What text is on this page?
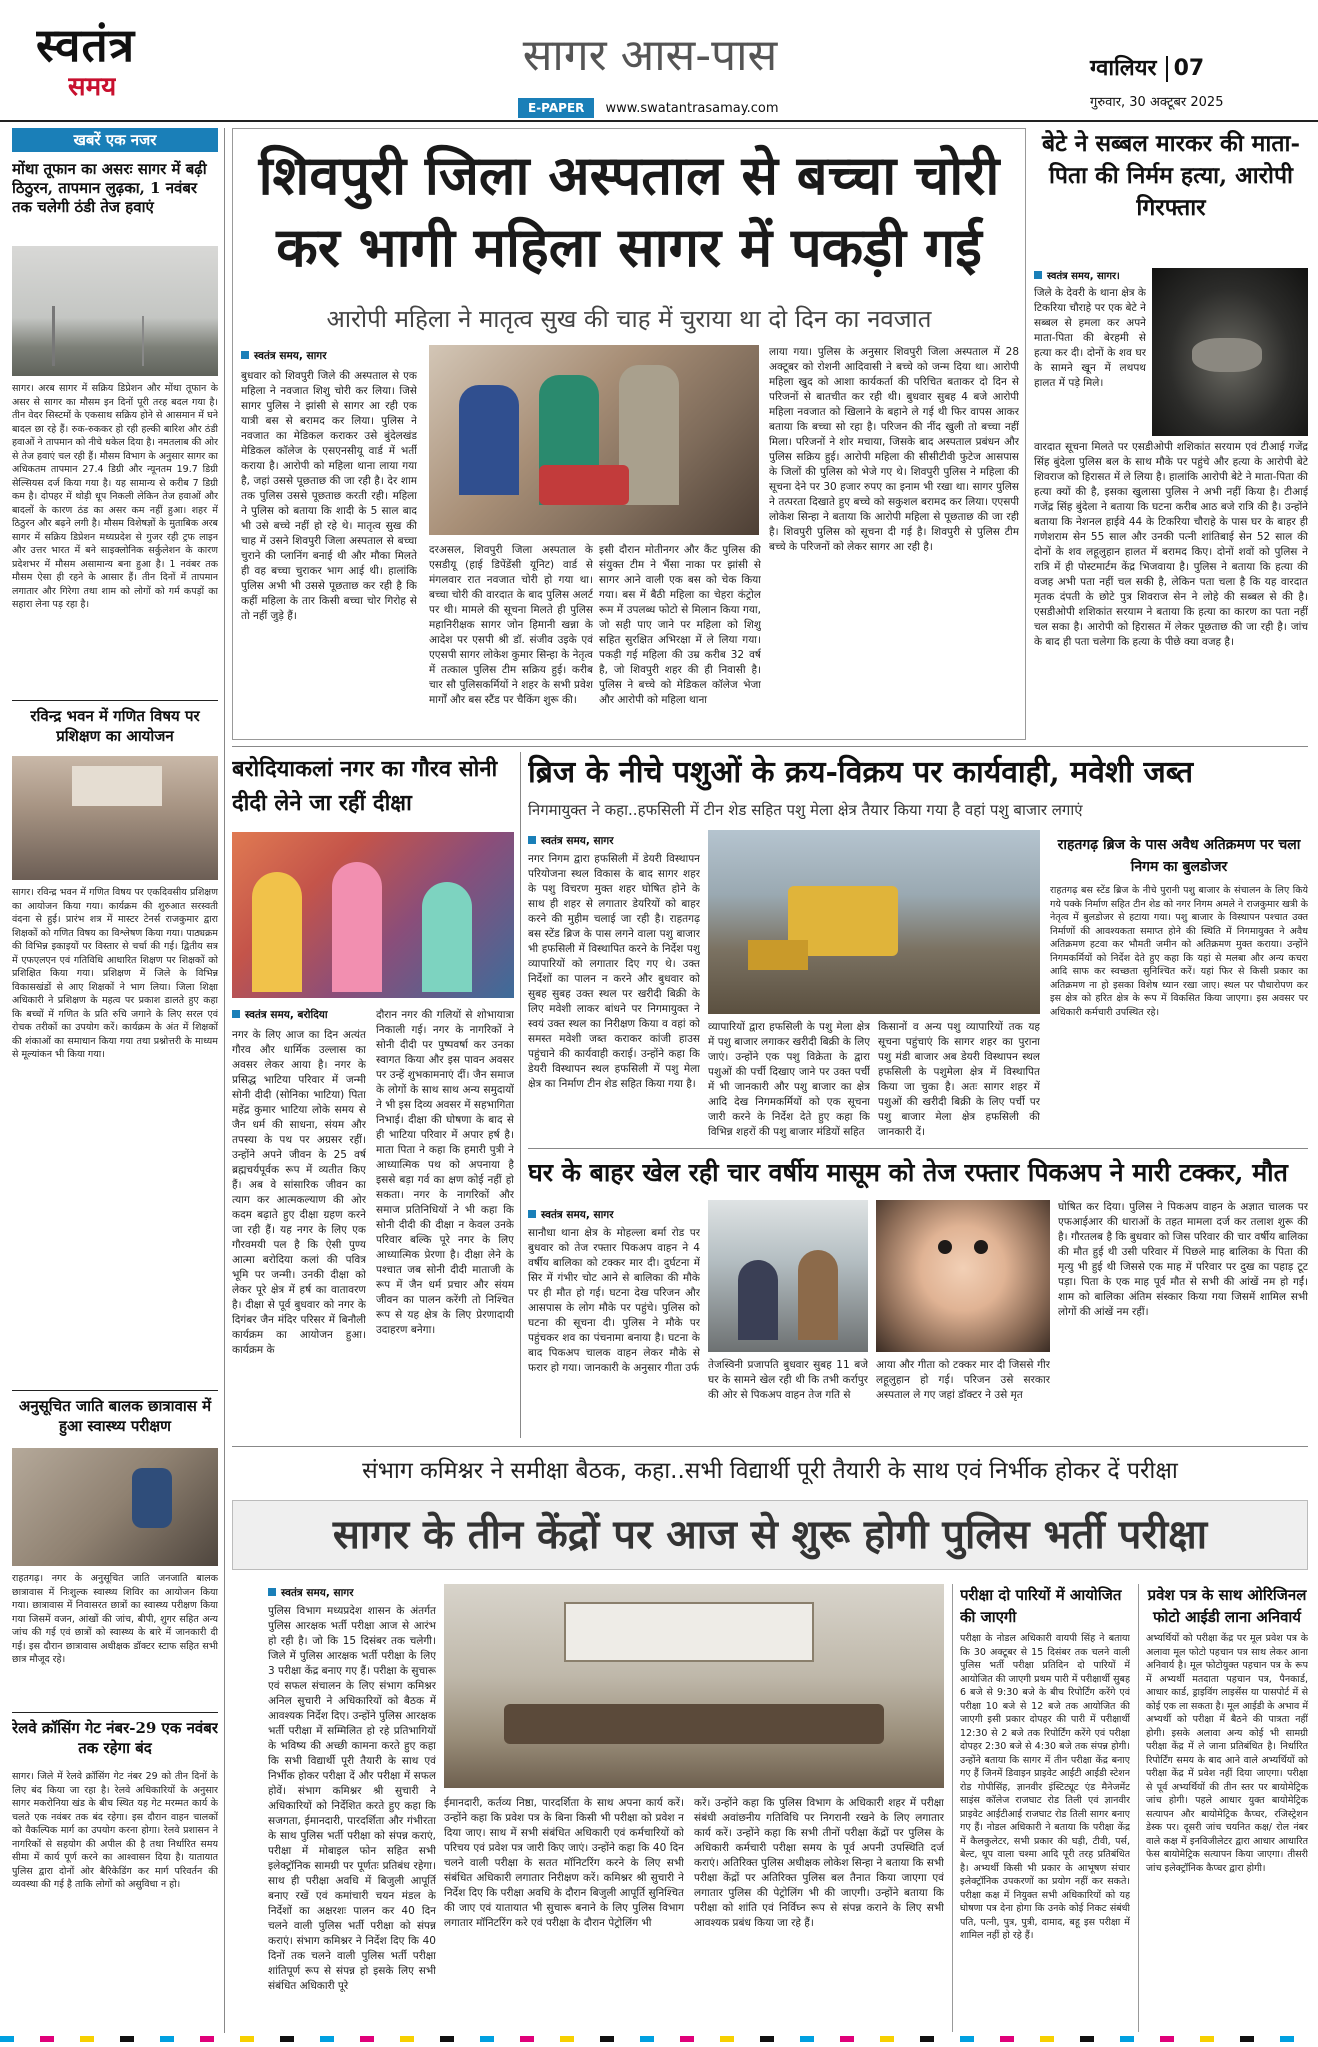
स्वतंत्र
समय
सागर आस-पास
E-PAPER www.swatantrasamay.com
ग्वालियर 07
गुरुवार, 30 अक्टूबर 2025
खबरें एक नजर
मोंथा तूफान का असरः सागर में बढ़ी ठिठुरन, तापमान लुढ़का, 1 नवंबर तक चलेगी ठंडी तेज हवाएं
सागर। अरब सागर में सक्रिय डिप्रेशन और मोंथा तूफान के असर से सागर का मौसम इन दिनों पूरी तरह बदल गया है। तीन वेदर सिस्टमों के एकसाथ सक्रिय होने से आसमान में घने बादल छा रहे हैं। रुक-रुककर हो रही हल्की बारिश और ठंडी हवाओं ने तापमान को नीचे धकेल दिया है। नमतलाब की ओर से तेज हवाएं चल रही हैं। मौसम विभाग के अनुसार सागर का अधिकतम तापमान 27.4 डिग्री और न्यूनतम 19.7 डिग्री सेल्सियस दर्ज किया गया है। यह सामान्य से करीब 7 डिग्री कम है। दोपहर में थोड़ी धूप निकली लेकिन तेज हवाओं और बादलों के कारण ठंड का असर कम नहीं हुआ। शहर में ठिठुरन और बढ़ने लगी है। मौसम विशेषज्ञों के मुताबिक अरब सागर में सक्रिय डिप्रेशन मध्यप्रदेश से गुजर रही ट्रफ लाइन और उत्तर भारत में बने साइक्लोनिक सर्कुलेशन के कारण प्रदेशभर में मौसम असामान्य बना हुआ है। 1 नवंबर तक मौसम ऐसा ही रहने के आसार हैं। तीन दिनों में तापमान लगातार और गिरेगा तथा शाम को लोगों को गर्म कपड़ों का सहारा लेना पड़ रहा है।
रविन्द्र भवन में गणित विषय पर प्रशिक्षण का आयोजन
सागर। रविन्द्र भवन में गणित विषय पर एकदिवसीय प्रशिक्षण का आयोजन किया गया। कार्यक्रम की शुरुआत सरस्वती वंदना से हुई। प्रारंभ शत्र में मास्टर टेनर्स राजकुमार द्वारा शिक्षकों को गणित विषय का विश्लेषण किया गया। पाठ्यक्रम की विभिन्न इकाइयों पर विस्तार से चर्चा की गई। द्वितीय सत्र में एफएलएन एवं गतिविधि आधारित शिक्षण पर शिक्षकों को प्रशिक्षित किया गया। प्रशिक्षण में जिले के विभिन्न विकासखंडों से आए शिक्षकों ने भाग लिया। जिला शिक्षा अधिकारी ने प्रशिक्षण के महत्व पर प्रकाश डालते हुए कहा कि बच्चों में गणित के प्रति रुचि जगाने के लिए सरल एवं रोचक तरीकों का उपयोग करें। कार्यक्रम के अंत में शिक्षकों की शंकाओं का समाधान किया गया तथा प्रश्नोत्तरी के माध्यम से मूल्यांकन भी किया गया।
अनुसूचित जाति बालक छात्रावास में हुआ स्वास्थ्य परीक्षण
राहतगढ़। नगर के अनुसूचित जाति जनजाति बालक छात्रावास में निःशुल्क स्वास्थ्य शिविर का आयोजन किया गया। छात्रावास में निवासरत छात्रों का स्वास्थ्य परीक्षण किया गया जिसमें वजन, आंखों की जांच, बीपी, शुगर सहित अन्य जांच की गई एवं छात्रों को स्वास्थ्य के बारे में जानकारी दी गई। इस दौरान छात्रावास अधीक्षक डॉक्टर स्टाफ सहित सभी छात्र मौजूद रहे।
रेलवे क्रॉसिंग गेट नंबर-29 एक नवंबर तक रहेगा बंद
सागर। जिले में रेलवे क्रॉसिंग गेट नंबर 29 को तीन दिनों के लिए बंद किया जा रहा है। रेलवे अधिकारियों के अनुसार सागर मकरोनिया खंड के बीच स्थित यह गेट मरम्मत कार्य के चलते एक नवंबर तक बंद रहेगा। इस दौरान वाहन चालकों को वैकल्पिक मार्ग का उपयोग करना होगा। रेलवे प्रशासन ने नागरिकों से सहयोग की अपील की है तथा निर्धारित समय सीमा में कार्य पूर्ण करने का आश्वासन दिया है। यातायात पुलिस द्वारा दोनों ओर बैरिकेडिंग कर मार्ग परिवर्तन की व्यवस्था की गई है ताकि लोगों को असुविधा न हो।
शिवपुरी जिला अस्पताल से बच्चा चोरी कर भागी महिला सागर में पकड़ी गई
आरोपी महिला ने मातृत्व सुख की चाह में चुराया था दो दिन का नवजात
स्वतंत्र समय, सागर
बुधवार को शिवपुरी जिले की अस्पताल से एक महिला ने नवजात शिशु चोरी कर लिया। जिसे सागर पुलिस ने झांसी से सागर आ रही एक यात्री बस से बरामद कर लिया। पुलिस ने नवजात का मेडिकल कराकर उसे बुंदेलखंड मेडिकल कॉलेज के एसएनसीयू वार्ड में भर्ती कराया है। आरोपी को महिला थाना लाया गया है, जहां उससे पूछताछ की जा रही है। देर शाम तक पुलिस उससे पूछताछ करती रही। महिला ने पुलिस को बताया कि शादी के 5 साल बाद भी उसे बच्चे नहीं हो रहे थे। मातृत्व सुख की चाह में उसने शिवपुरी जिला अस्पताल से बच्चा चुराने की प्लानिंग बनाई थी और मौका मिलते ही वह बच्चा चुराकर भाग आई थी। हालांकि पुलिस अभी भी उससे पूछताछ कर रही है कि कहीं महिला के तार किसी बच्चा चोर गिरोह से तो नहीं जुड़े हैं।
दरअसल, शिवपुरी जिला अस्पताल के एसडीयू (हाई डिपेंडेंसी यूनिट) वार्ड से मंगलवार रात नवजात चोरी हो गया था। बच्चा चोरी की वारदात के बाद पुलिस अलर्ट पर थी। मामले की सूचना मिलते ही पुलिस महानिरीक्षक सागर जोन हिमानी खन्ना के आदेश पर एसपी श्री डॉ. संजीव उइके एवं एएसपी सागर लोकेश कुमार सिन्हा के नेतृत्व में तत्काल पुलिस टीम सक्रिय हुई। करीब चार सौ पुलिसकर्मियों ने शहर के सभी प्रवेश मार्गों और बस स्टैंड पर चैकिंग शुरू की।
इसी दौरान मोतीनगर और कैंट पुलिस की संयुक्त टीम ने भैंसा नाका पर झांसी से सागर आने वाली एक बस को चेक किया गया। बस में बैठी महिला का चेहरा कंट्रोल रूम में उपलब्ध फोटो से मिलान किया गया, जो सही पाए जाने पर महिला को शिशु सहित सुरक्षित अभिरक्षा में ले लिया गया। पकड़ी गई महिला की उम्र करीब 32 वर्ष है, जो शिवपुरी शहर की ही निवासी है। पुलिस ने बच्चे को मेडिकल कॉलेज भेजा और आरोपी को महिला थाना
लाया गया। पुलिस के अनुसार शिवपुरी जिला अस्पताल में 28 अक्टूबर को रोशनी आदिवासी ने बच्चे को जन्म दिया था। आरोपी महिला खुद को आशा कार्यकर्ता की परिचित बताकर दो दिन से परिजनों से बातचीत कर रही थी। बुधवार सुबह 4 बजे आरोपी महिला नवजात को खिलाने के बहाने ले गई थी फिर वापस आकर बताया कि बच्चा सो रहा है। परिजन की नींद खुली तो बच्चा नहीं मिला। परिजनों ने शोर मचाया, जिसके बाद अस्पताल प्रबंधन और पुलिस सक्रिय हुई। आरोपी महिला की सीसीटीवी फुटेज आसपास के जिलों की पुलिस को भेजे गए थे। शिवपुरी पुलिस ने महिला की सूचना देने पर 30 हजार रुपए का इनाम भी रखा था। सागर पुलिस ने तत्परता दिखाते हुए बच्चे को सकुशल बरामद कर लिया। एएसपी लोकेश सिन्हा ने बताया कि आरोपी महिला से पूछताछ की जा रही है। शिवपुरी पुलिस को सूचना दी गई है। शिवपुरी से पुलिस टीम बच्चे के परिजनों को लेकर सागर आ रही है।
बेटे ने सब्बल मारकर की माता-पिता की निर्मम हत्या, आरोपी गिरफ्तार
स्वतंत्र समय, सागर।
जिले के देवरी के थाना क्षेत्र के टिकरिया चौराहे पर एक बेटे ने सब्बल से हमला कर अपने माता-पिता की बेरहमी से हत्या कर दी। दोनों के शव घर के सामने खून में लथपथ हालत में पड़े मिले।
वारदात सूचना मिलते पर एसडीओपी शशिकांत सरयाम एवं टीआई गजेंद्र सिंह बुंदेला पुलिस बल के साथ मौके पर पहुंचे और हत्या के आरोपी बेटे शिवराज को हिरासत में ले लिया है। हालांकि आरोपी बेटे ने माता-पिता की हत्या क्यों की है, इसका खुलासा पुलिस ने अभी नहीं किया है। टीआई गजेंद्र सिंह बुंदेला ने बताया कि घटना करीब आठ बजे रात्रि की है। उन्होंने बताया कि नेशनल हाईवे 44 के टिकरिया चौराहे के पास घर के बाहर ही गणेशराम सेन 55 साल और उनकी पत्नी शांतिबाई सेन 52 साल की दोनों के शव लहूलुहान हालत में बरामद किए। दोनों शवों को पुलिस ने रात्रि में ही पोस्टमार्टम केंद्र भिजवाया है। पुलिस ने बताया कि हत्या की वजह अभी पता नहीं चल सकी है, लेकिन पता चला है कि यह वारदात मृतक दंपती के छोटे पुत्र शिवराज सेन ने लोहे की सब्बल से की है। एसडीओपी शशिकांत सरयाम ने बताया कि हत्या का कारण का पता नहीं चल सका है। आरोपी को हिरासत में लेकर पूछताछ की जा रही है। जांच के बाद ही पता चलेगा कि हत्या के पीछे क्या वजह है।
बरोदियाकलां नगर का गौरव सोनी दीदी लेने जा रहीं दीक्षा
स्वतंत्र समय, बरोदिया
नगर के लिए आज का दिन अत्यंत गौरव और धार्मिक उल्लास का अवसर लेकर आया है। नगर के प्रसिद्ध भाटिया परिवार में जन्मी सोनी दीदी (सोनिका भाटिया) पिता महेंद्र कुमार भाटिया लोके समय से जैन धर्म की साधना, संयम और तपस्या के पथ पर अग्रसर रहीं। उन्होंने अपने जीवन के 25 वर्ष ब्रह्मचर्यपूर्वक रूप में व्यतीत किए हैं। अब वे सांसारिक जीवन का त्याग कर आत्मकल्याण की ओर कदम बढ़ाते हुए दीक्षा ग्रहण करने जा रही हैं। यह नगर के लिए एक गौरवमयी पल है कि ऐसी पुण्य आत्मा बरोदिया कलां की पवित्र भूमि पर जन्मी। उनकी दीक्षा को लेकर पूरे क्षेत्र में हर्ष का वातावरण है। दीक्षा से पूर्व बुधवार को नगर के दिगंबर जैन मंदिर परिसर में बिनौली कार्यक्रम का आयोजन हुआ। कार्यक्रम के
दौरान नगर की गलियों से शोभायात्रा निकाली गई। नगर के नागरिकों ने सोनी दीदी पर पुष्पवर्षा कर उनका स्वागत किया और इस पावन अवसर पर उन्हें शुभकामनाएं दीं। जैन समाज के लोगों के साथ साथ अन्य समुदायों ने भी इस दिव्य अवसर में सहभागिता निभाई। दीक्षा की घोषणा के बाद से ही भाटिया परिवार में अपार हर्ष है। माता पिता ने कहा कि हमारी पुत्री ने आध्यात्मिक पथ को अपनाया है इससे बड़ा गर्व का क्षण कोई नहीं हो सकता। नगर के नागरिकों और समाज प्रतिनिधियों ने भी कहा कि सोनी दीदी की दीक्षा न केवल उनके परिवार बल्कि पूरे नगर के लिए आध्यात्मिक प्रेरणा है। दीक्षा लेने के पश्चात जब सोनी दीदी माताजी के रूप में जैन धर्म प्रचार और संयम जीवन का पालन करेंगी तो निश्चित रूप से यह क्षेत्र के लिए प्रेरणादायी उदाहरण बनेगा।
ब्रिज के नीचे पशुओं के क्रय-विक्रय पर कार्यवाही, मवेशी जब्त
निगमायुक्त ने कहा..हफसिली में टीन शेड सहित पशु मेला क्षेत्र तैयार किया गया है वहां पशु बाजार लगाएं
स्वतंत्र समय, सागर
नगर निगम द्वारा हफसिली में डेयरी विस्थापन परियोजना स्थल विकास के बाद सागर शहर के पशु विचरण मुक्त शहर घोषित होने के साथ ही शहर से लगातार डेयरियों को बाहर करने की मुहीम चलाई जा रही है। राहतगढ़ बस स्टेंड ब्रिज के पास लगने वाला पशु बाजार भी हफसिली में विस्थापित करने के निर्देश पशु व्यापारियों को लगातार दिए गए थे। उक्त निर्देशों का पालन न करने और बुधवार को सुबह सुबह उक्त स्थल पर खरीदी बिक्री के लिए मवेशी लाकर बांधने पर निगमायुक्त ने स्वयं उक्त स्थल का निरीक्षण किया व वहां को समस्त मवेशी जब्त कराकर कांजी हाउस पहुंचाने की कार्यवाही कराई। उन्होंने कहा कि डेयरी विस्थापन स्थल हफसिली में पशु मेला क्षेत्र का निर्माण टीन शेड सहित किया गया है।
व्यापारियों द्वारा हफसिली के पशु मेला क्षेत्र में पशु बाजार लगाकर खरीदी बिक्री के लिए जाएं। उन्होंने एक पशु विक्रेता के द्वारा पशुओं की पर्ची दिखाए जाने पर उक्त पर्ची में भी जानकारी और पशु बाजार का क्षेत्र आदि देख निगमकर्मियों को एक सूचना जारी करने के निर्देश देते हुए कहा कि विभिन्न शहरों की पशु बाजार मंडियों सहित
किसानों व अन्य पशु व्यापारियों तक यह सूचना पहुंचाएं कि सागर शहर का पुराना पशु मंडी बाजार अब डेयरी विस्थापन स्थल हफसिली के पशुमेला क्षेत्र में विस्थापित किया जा चुका है। अतः सागर शहर में पशुओं की खरीदी बिक्री के लिए पर्ची पर पशु बाजार मेला क्षेत्र हफसिली की जानकारी दें।
राहतगढ़ ब्रिज के पास अवैध अतिक्रमण पर चला निगम का बुलडोजर
राहतगढ़ बस स्टेंड ब्रिज के नीचे पुरानी पशु बाजार के संचालन के लिए किये गये पक्के निर्माण सहित टीन शेड को नगर निगम अमले ने राजकुमार खत्री के नेतृत्व में बुलडोजर से हटाया गया। पशु बाजार के विस्थापन पश्चात उक्त निर्माणों की आवश्यकता समाप्त होने की स्थिति में निगमायुक्त ने अवैध अतिक्रमण हटवा कर भौमती जमीन को अतिक्रमण मुक्त कराया। उन्होंने निगमकर्मियों को निर्देश देते हुए कहा कि यहां से मलबा और अन्य कचरा आदि साफ कर स्वच्छता सुनिश्चित करें। यहां फिर से किसी प्रकार का अतिक्रमण ना हो इसका विशेष ध्यान रखा जाए। स्थल पर पौधारोपण कर इस क्षेत्र को हरित क्षेत्र के रूप में विकसित किया जाएगा। इस अवसर पर अधिकारी कर्मचारी उपस्थित रहे।
घर के बाहर खेल रही चार वर्षीय मासूम को तेज रफ्तार पिकअप ने मारी टक्कर, मौत
स्वतंत्र समय, सागर
सानौधा थाना क्षेत्र के मोहल्ला बर्मा रोड पर बुधवार को तेज रफ्तार पिकअप वाहन ने 4 वर्षीय बालिका को टक्कर मार दी। दुर्घटना में सिर में गंभीर चोट आने से बालिका की मौके पर ही मौत हो गई। घटना देख परिजन और आसपास के लोग मौके पर पहुंचे। पुलिस को घटना की सूचना दी। पुलिस ने मौके पर पहुंचकर शव का पंचनामा बनाया है। घटना के बाद पिकअप चालक वाहन लेकर मौके से फरार हो गया। जानकारी के अनुसार गीता उर्फ तेजस्विनी प्रजापति बुधवार सुबह 11 बजे घर के सामने खेल रही थी कि तभी कर्रापुर की ओर से पिकअप वाहन तेज गति से
आया और गीता को टक्कर मार दी जिससे गीर लहूलुहान हो गई। परिजन उसे सरकार अस्पताल ले गए जहां डॉक्टर ने उसे मृत
घोषित कर दिया। पुलिस ने पिकअप वाहन के अज्ञात चालक पर एफआईआर की धाराओं के तहत मामला दर्ज कर तलाश शुरू की है। गौरतलब है कि बुधवार को जिस परिवार की चार वर्षीय बालिका की मौत हुई थी उसी परिवार में पिछले माह बालिका के पिता की मृत्यु भी हुई थी जिससे एक माह में परिवार पर दुख का पहाड़ टूट पड़ा। पिता के एक माह पूर्व मौत से सभी की आंखें नम हो गईं। शाम को बालिका अंतिम संस्कार किया गया जिसमें शामिल सभी लोगों की आंखें नम रहीं।
संभाग कमिश्नर ने समीक्षा बैठक, कहा..सभी विद्यार्थी पूरी तैयारी के साथ एवं निर्भीक होकर दें परीक्षा
सागर के तीन केंद्रों पर आज से शुरू होगी पुलिस भर्ती परीक्षा
स्वतंत्र समय, सागर
पुलिस विभाग मध्यप्रदेश शासन के अंतर्गत पुलिस आरक्षक भर्ती परीक्षा आज से आरंभ हो रही है। जो कि 15 दिसंबर तक चलेगी। जिले में पुलिस आरक्षक भर्ती परीक्षा के लिए 3 परीक्षा केंद्र बनाए गए हैं। परीक्षा के सुचारू एवं सफल संचालन के लिए संभाग कमिश्नर अनिल सुचारी ने अधिकारियों को बैठक में आवश्यक निर्देश दिए। उन्होंने पुलिस आरक्षक भर्ती परीक्षा में सम्मिलित हो रहे प्रतिभागियों के भविष्य की अच्छी कामना करते हुए कहा कि सभी विद्यार्थी पूरी तैयारी के साथ एवं निर्भीक होकर परीक्षा दें और परीक्षा में सफल होवें। संभाग कमिश्नर श्री सुचारी ने अधिकारियों को निर्देशित करते हुए कहा कि सजगता, ईमानदारी, पारदर्शिता और गंभीरता के साथ पुलिस भर्ती परीक्षा को संपन्न कराएं, परीक्षा में मोबाइल फोन सहित सभी इलेक्ट्रॉनिक सामग्री पर पूर्णतः प्रतिबंध रहेगा। साथ ही परीक्षा अवधि में बिजुली आपूर्ति बनाए रखें एवं कमांचारी चयन मंडल के निर्देशों का अक्षरशः पालन कर 40 दिन चलने वाली पुलिस भर्ती परीक्षा को संपन्न कराएं। संभाग कमिश्नर ने निर्देश दिए कि 40 दिनों तक चलने वाली पुलिस भर्ती परीक्षा शांतिपूर्ण रूप से संपन्न हो इसके लिए सभी संबंधित अधिकारी पूरे
ईमानदारी, कर्तव्य निष्ठा, पारदर्शिता के साथ अपना कार्य करें। उन्होंने कहा कि प्रवेश पत्र के बिना किसी भी परीक्षा को प्रवेश न दिया जाए। साथ में सभी संबंधित अधिकारी एवं कर्मचारियों को परिचय एवं प्रवेश पत्र जारी किए जाएं। उन्होंने कहा कि 40 दिन चलने वाली परीक्षा के सतत मॉनिटरिंग करने के लिए सभी संबंधित अधिकारी लगातार निरीक्षण करें। कमिश्नर श्री सुचारी ने निर्देश दिए कि परीक्षा अवधि के दौरान बिजुली आपूर्ति सुनिश्चित की जाए एवं यातायात भी सुचारू बनाने के लिए पुलिस विभाग लगातार मॉनिटरिंग करे एवं परीक्षा के दौरान पेट्रोलिंग भी
करें। उन्होंने कहा कि पुलिस विभाग के अधिकारी शहर में परीक्षा संबंधी अवांछनीय गतिविधि पर निगरानी रखने के लिए लगातार कार्य करें। उन्होंने कहा कि सभी तीनों परीक्षा केंद्रों पर पुलिस के अधिकारी कर्मचारी परीक्षा समय के पूर्व अपनी उपस्थिति दर्ज कराएं। अतिरिक्त पुलिस अधीक्षक लोकेश सिन्हा ने बताया कि सभी परीक्षा केंद्रों पर अतिरिक्त पुलिस बल तैनात किया जाएगा एवं लगातार पुलिस की पेट्रोलिंग भी की जाएगी। उन्होंने बताया कि परीक्षा को शांति एवं निर्विघ्न रूप से संपन्न कराने के लिए सभी आवश्यक प्रबंध किया जा रहे हैं।
परीक्षा दो पारियों में आयोजित की जाएगी
परीक्षा के नोडल अधिकारी वायपी सिंह ने बताया कि 30 अक्टूबर से 15 दिसंबर तक चलने वाली पुलिस भर्ती परीक्षा प्रतिदिन दो पारियों में आयोजित की जाएगी प्रथम पारी में परीक्षार्थी सुबह 6 बजे से 9:30 बजे के बीच रिपोर्टिंग करेंगे एवं परीक्षा 10 बजे से 12 बजे तक आयोजित की जाएगी इसी प्रकार दोपहर की पारी में परीक्षार्थी 12:30 से 2 बजे तक रिपोर्टिंग करेंगे एवं परीक्षा दोपहर 2:30 बजे से 4:30 बजे तक संपन्न होगी। उन्होंने बताया कि सागर में तीन परीक्षा केंद्र बनाए गए हैं जिनमें डिवाइन प्राइवेट आईटी आईडी स्टेशन रोड गोपीसिंह, ज्ञानवीर इंस्टिट्यूट एंड मैनेजमेंट साइंस कॉलेज राजघाट रोड तिली एवं ज्ञानवीर प्राइवेट आईटीआई राजघाट रोड तिली सागर बनाए गए हैं। नोडल अधिकारी ने बताया कि परीक्षा केंद्र में कैलकुलेटर, सभी प्रकार की घड़ी, टीवी, पर्स, बेल्ट, धूप वाला चश्मा आदि पूरी तरह प्रतिबंधित है। अभ्यर्थी किसी भी प्रकार के आभूषण संचार इलेक्ट्रॉनिक उपकरणों का प्रयोग नहीं कर सकते। परीक्षा कक्ष में नियुक्त सभी अधिकारियों को यह घोषणा पत्र देना होगा कि उनके कोई निकट संबंधी पति, पत्नी, पुत्र, पुत्री, दामाद, बहू इस परीक्षा में शामिल नहीं हो रहे हैं।
प्रवेश पत्र के साथ ओरिजिनल फोटो आईडी लाना अनिवार्य
अभ्यर्थियों को परीक्षा केंद्र पर मूल प्रवेश पत्र के अलावा मूल फोटो पहचान पत्र साथ लेकर आना अनिवार्य है। मूल फोटोयुक्त पहचान पत्र के रूप में अभ्यर्थी मतदाता पहचान पत्र, पैनकार्ड, आधार कार्ड, ड्राइविंग लाइसेंस या पासपोर्ट में से कोई एक ला सकता है। मूल आईडी के अभाव में अभ्यर्थी को परीक्षा में बैठने की पात्रता नहीं होगी। इसके अलावा अन्य कोई भी सामग्री परीक्षा केंद्र में ले जाना प्रतिबंधित है। निर्धारित रिपोर्टिंग समय के बाद आने वाले अभ्यर्थियों को परीक्षा केंद्र में प्रवेश नहीं दिया जाएगा। परीक्षा से पूर्व अभ्यर्थियों की तीन स्तर पर बायोमेट्रिक जांच होगी। पहले आधार युक्त बायोमेट्रिक सत्यापन और बायोमेट्रिक कैप्चर, रजिस्ट्रेशन डेस्क पर। दूसरी जांच चयनित कक्ष/ रोल नंबर वाले कक्ष में इनविजीलेटर द्वारा आधार आधारित फेस बायोमेट्रिक सत्यापन किया जाएगा। तीसरी जांच इलेक्ट्रॉनिक कैप्चर द्वारा होगी।
